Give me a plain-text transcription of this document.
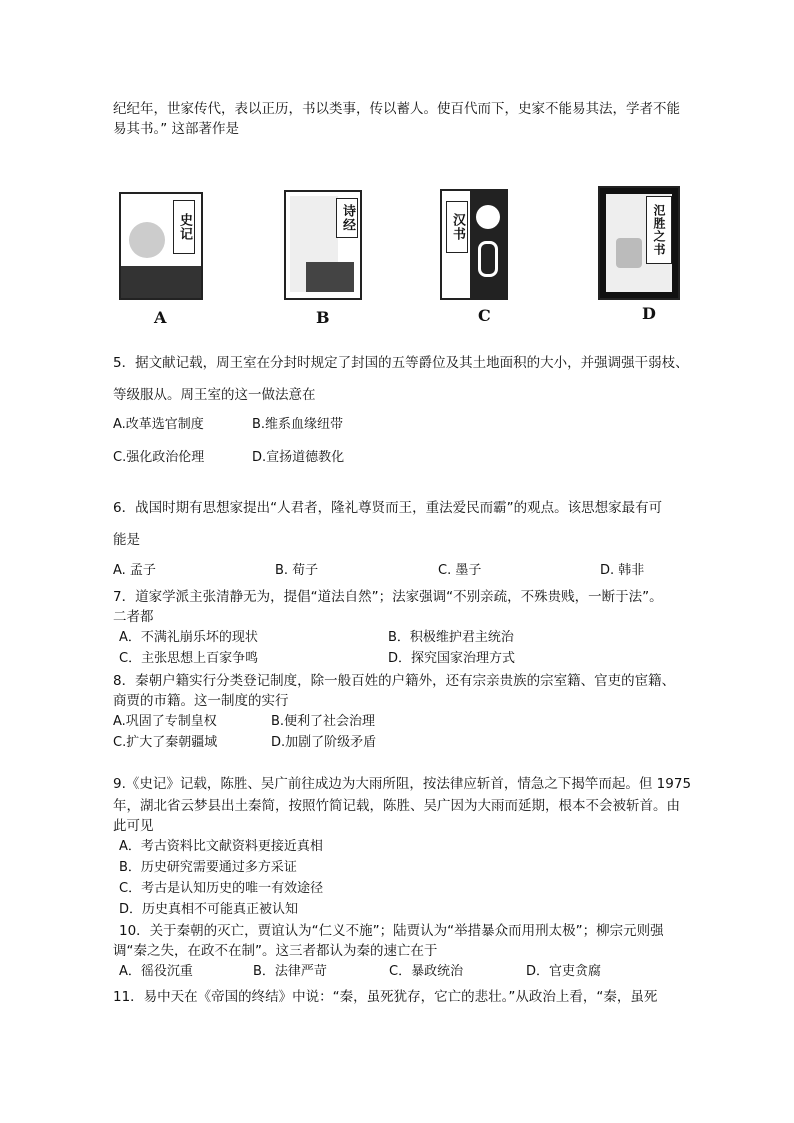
纪纪年，世家传代，表以正历，书以类事，传以蓄人。使百代而下，史家不能易其法，学者不能
易其书。” 这部著作是
史记
A
诗经
B
汉书
C
氾胜之书
D
5．据文献记载，周王室在分封时规定了封国的五等爵位及其土地面积的大小，并强调强干弱枝、
等级服从。周王室的这一做法意在
A.改革选官制度	B.维系血缘纽带
C.强化政治伦理	D.宣扬道德教化
6．战国时期有思想家提出“人君者，隆礼尊贤而王，重法爱民而霸”的观点。该思想家最有可
能是
A. 孟子	B. 荀子	C. 墨子	D. 韩非
7．道家学派主张清静无为，提倡“道法自然”；法家强调“不别亲疏，不殊贵贱，一断于法”。
二者都
A．不满礼崩乐坏的现状	B．积极维护君主统治
C．主张思想上百家争鸣	D．探究国家治理方式
8．秦朝户籍实行分类登记制度，除一般百姓的户籍外，还有宗亲贵族的宗室籍、官吏的宦籍、
商贾的市籍。这一制度的实行
A.巩固了专制皇权	B.便利了社会治理
C.扩大了秦朝疆域	D.加剧了阶级矛盾
9.《史记》记载，陈胜、吴广前往成边为大雨所阻，按法律应斩首，情急之下揭竿而起。但 1975
年，湖北省云梦县出土秦简，按照竹简记载，陈胜、吴广因为大雨而延期，根本不会被斩首。由
此可见
A．考古资料比文献资料更接近真相
B．历史研究需要通过多方采证
C．考古是认知历史的唯一有效途径
D．历史真相不可能真正被认知
10．关于秦朝的灭亡，贾谊认为“仁义不施”；陆贾认为“举措暴众而用刑太极”；柳宗元则强
调“秦之失，在政不在制”。这三者都认为秦的速亡在于
A．徭役沉重	B．法律严苛	C．暴政统治	D．官吏贪腐
11．易中天在《帝国的终结》中说：“秦，虽死犹存，它亡的悲壮。”从政治上看，“秦，虽死
